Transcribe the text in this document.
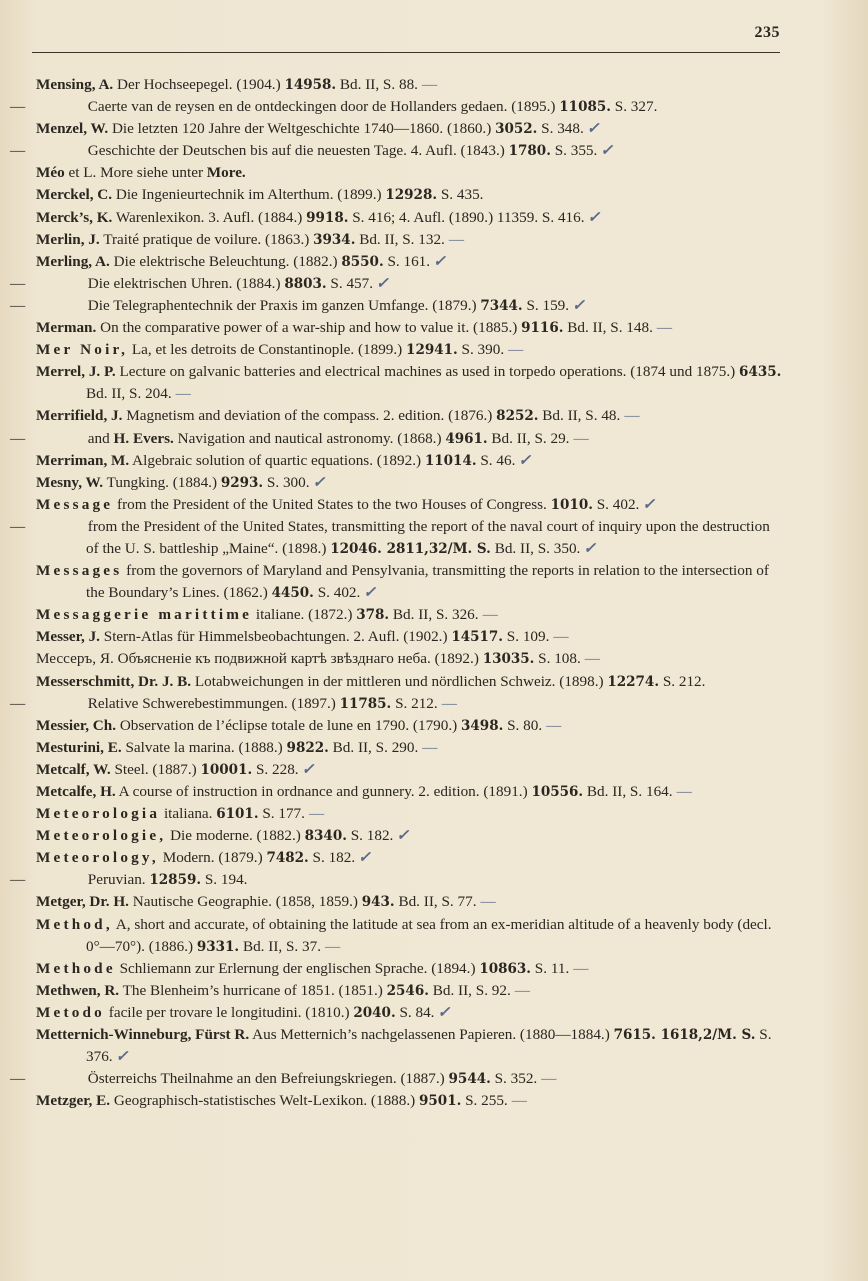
235
Mensing, A. Der Hochseepegel. (1904.) 14958. Bd. II, S. 88. —
—	Caerte van de reysen en de ontdeckingen door de Hollanders gedaen. (1895.) 11085. S. 327.
Menzel, W. Die letzten 120 Jahre der Weltgeschichte 1740—1860. (1860.) 3052. S. 348. ✓
—	Geschichte der Deutschen bis auf die neuesten Tage. 4. Aufl. (1843.) 1780. S. 355. ✓
Méo et L. More siehe unter More.
Merckel, C. Die Ingenieurtechnik im Alterthum. (1899.) 12928. S. 435.
Merck’s, K. Warenlexikon. 3. Aufl. (1884.) 9918. S. 416; 4. Aufl. (1890.) 11359. S. 416. ✓
Merlin, J. Traité pratique de voilure. (1863.) 3934. Bd. II, S. 132. —
Merling, A. Die elektrische Beleuchtung. (1882.) 8550. S. 161. ✓
—	Die elektrischen Uhren. (1884.) 8803. S. 457. ✓
—	Die Telegraphentechnik der Praxis im ganzen Umfange. (1879.) 7344. S. 159. ✓
Merman. On the comparative power of a war-ship and how to value it. (1885.) 9116. Bd. II, S. 148. —
Mer Noir, La, et les detroits de Constantinople. (1899.) 12941. S. 390. —
Merrel, J. P. Lecture on galvanic batteries and electrical machines as used in torpedo operations. (1874 und 1875.) 6435. Bd. II, S. 204. —
Merrifield, J. Magnetism and deviation of the compass. 2. edition. (1876.) 8252. Bd. II, S. 48. —
—	and H. Evers. Navigation and nautical astronomy. (1868.) 4961. Bd. II, S. 29. —
Merriman, M. Algebraic solution of quartic equations. (1892.) 11014. S. 46. ✓
Mesny, W. Tungking. (1884.) 9293. S. 300. ✓
Message from the President of the United States to the two Houses of Congress. 1010. S. 402. ✓
—	from the President of the United States, transmitting the report of the naval court of inquiry upon the destruction of the U. S. battleship „Maine“. (1898.) 12046. 2811,32/M. S. Bd. II, S. 350. ✓
Messages from the governors of Maryland and Pensylvania, transmitting the reports in relation to the intersection of the Boundary’s Lines. (1862.) 4450. S. 402. ✓
Messaggerie marittime italiane. (1872.) 378. Bd. II, S. 326. —
Messer, J. Stern-Atlas für Himmelsbeobachtungen. 2. Aufl. (1902.) 14517. S. 109. —
Мессеръ, Я. Объясненіе къ подвижной картѣ звѣзднаго неба. (1892.) 13035. S. 108. —
Messerschmitt, Dr. J. B. Lotabweichungen in der mittleren und nördlichen Schweiz. (1898.) 12274. S. 212.
—	Relative Schwerebestimmungen. (1897.) 11785. S. 212. —
Messier, Ch. Observation de l’éclipse totale de lune en 1790. (1790.) 3498. S. 80. —
Mesturini, E. Salvate la marina. (1888.) 9822. Bd. II, S. 290. —
Metcalf, W. Steel. (1887.) 10001. S. 228. ✓
Metcalfe, H. A course of instruction in ordnance and gunnery. 2. edition. (1891.) 10556. Bd. II, S. 164. —
Meteorologia italiana. 6101. S. 177. —
Meteorologie, Die moderne. (1882.) 8340. S. 182. ✓
Meteorology, Modern. (1879.) 7482. S. 182. ✓
—	Peruvian. 12859. S. 194.
Metger, Dr. H. Nautische Geographie. (1858, 1859.) 943. Bd. II, S. 77. —
Method, A, short and accurate, of obtaining the latitude at sea from an ex-meridian altitude of a heavenly body (decl. 0°—70°). (1886.) 9331. Bd. II, S. 37. —
Methode Schliemann zur Erlernung der englischen Sprache. (1894.) 10863. S. 11. —
Methwen, R. The Blenheim’s hurricane of 1851. (1851.) 2546. Bd. II, S. 92. —
Metodo facile per trovare le longitudini. (1810.) 2040. S. 84. ✓
Metternich-Winneburg, Fürst R. Aus Metternich’s nachgelassenen Papieren. (1880—1884.) 7615. 1618,2/M. S. S. 376. ✓
—	Österreichs Theilnahme an den Befreiungskriegen. (1887.) 9544. S. 352. —
Metzger, E. Geographisch-statistisches Welt-Lexikon. (1888.) 9501. S. 255. —
